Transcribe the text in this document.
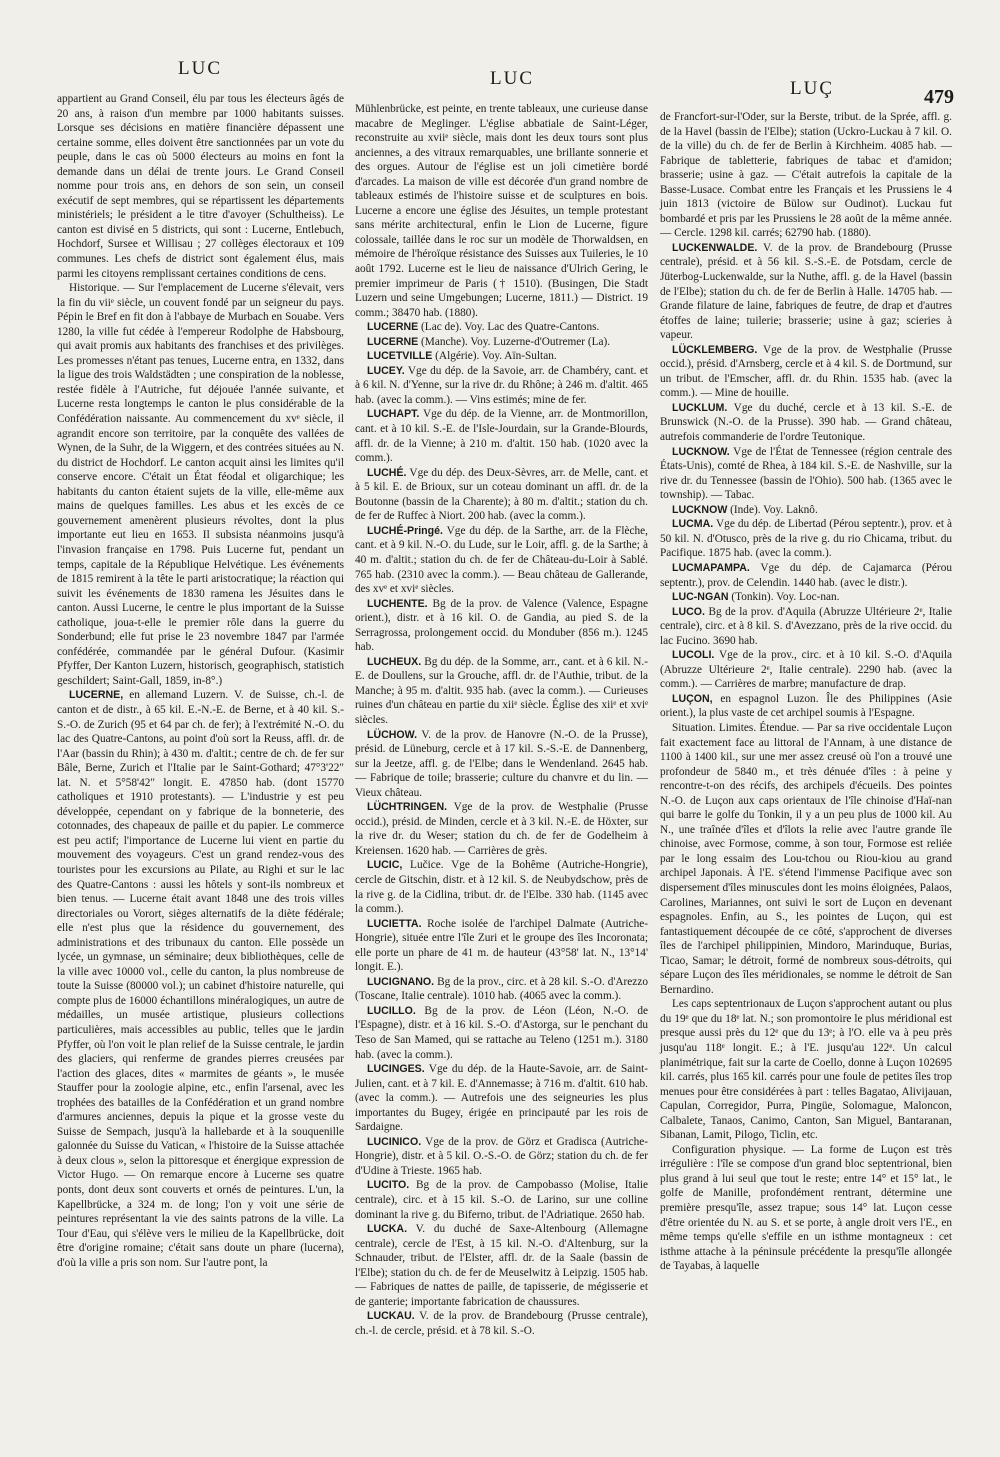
LUC	LUC	LUÇ	479

appartient au Grand Conseil, élu par tous les électeurs âgés de 20 ans, à raison d'un membre par 1000 habitants suisses. Lorsque ses décisions en matière financière dépassent une certaine somme, elles doivent être sanctionnées par un vote du peuple, dans le cas où 5000 électeurs au moins en font la demande dans un délai de trente jours. Le Grand Conseil nomme pour trois ans, en dehors de son sein, un conseil exécutif de sept membres, qui se répartissent les départements ministériels; le président a le titre d'avoyer (Schultheiss). Le canton est divisé en 5 districts, qui sont : Lucerne, Entlebuch, Hochdorf, Sursee et Willisau ; 27 collèges électoraux et 109 communes. Les chefs de district sont également élus, mais parmi les citoyens remplissant certaines conditions de cens.

Historique. — Sur l'emplacement de Lucerne s'élevait, vers la fin du viiᵉ siècle, un couvent fondé par un seigneur du pays. Pépin le Bref en fit don à l'abbaye de Murbach en Souabe. Vers 1280, la ville fut cédée à l'empereur Rodolphe de Habsbourg, qui avait promis aux habitants des franchises et des privilèges. Les promesses n'étant pas tenues, Lucerne entra, en 1332, dans la ligue des trois Waldstädten ; une conspiration de la noblesse, restée fidèle à l'Autriche, fut déjouée l'année suivante, et Lucerne resta longtemps le canton le plus considérable de la Confédération naissante. Au commencement du xvᵉ siècle, il agrandit encore son territoire, par la conquête des vallées de Wynen, de la Suhr, de la Wiggern, et des contrées situées au N. du district de Hochdorf. Le canton acquit ainsi les limites qu'il conserve encore. C'était un État féodal et oligarchique; les habitants du canton étaient sujets de la ville, elle-même aux mains de quelques familles. Les abus et les excès de ce gouvernement amenèrent plusieurs révoltes, dont la plus importante eut lieu en 1653. Il subsista néanmoins jusqu'à l'invasion française en 1798. Puis Lucerne fut, pendant un temps, capitale de la République Helvétique. Les événements de 1815 remirent à la tête le parti aristocratique; la réaction qui suivit les événements de 1830 ramena les Jésuites dans le canton. Aussi Lucerne, le centre le plus important de la Suisse catholique, joua-t-elle le premier rôle dans la guerre du Sonderbund; elle fut prise le 23 novembre 1847 par l'armée confédérée, commandée par le général Dufour. (Kasimir Pfyffer, Der Kanton Luzern, historisch, geographisch, statistich geschildert; Saint-Gall, 1859, in-8°.)

LUCERNE, en allemand Luzern. V. de Suisse, ch.-l. de canton et de distr., à 65 kil. E.-N.-E. de Berne, et à 40 kil. S.-S.-O. de Zurich (95 et 64 par ch. de fer); à l'extrémité N.-O. du lac des Quatre-Cantons, au point d'où sort la Reuss, affl. dr. de l'Aar (bassin du Rhin); à 430 m. d'altit.; centre de ch. de fer sur Bâle, Berne, Zurich et l'Italie par le Saint-Gothard; 47°3'22" lat. N. et 5°58'42" longit. E. 47850 hab. (dont 15770 catholiques et 1910 protestants). — L'industrie y est peu développée, cependant on y fabrique de la bonneterie, des cotonnades, des chapeaux de paille et du papier. Le commerce est peu actif; l'importance de Lucerne lui vient en partie du mouvement des voyageurs. C'est un grand rendez-vous des touristes pour les excursions au Pilate, au Righi et sur le lac des Quatre-Cantons : aussi les hôtels y sont-ils nombreux et bien tenus. — Lucerne était avant 1848 une des trois villes directoriales ou Vorort, sièges alternatifs de la diète fédérale; elle n'est plus que la résidence du gouvernement, des administrations et des tribunaux du canton. Elle possède un lycée, un gymnase, un séminaire; deux bibliothèques, celle de la ville avec 10000 vol., celle du canton, la plus nombreuse de toute la Suisse (80000 vol.); un cabinet d'histoire naturelle, qui compte plus de 16000 échantillons minéralogiques, un autre de médailles, un musée artistique, plusieurs collections particulières, mais accessibles au public, telles que le jardin Pfyffer, où l'on voit le plan relief de la Suisse centrale, le jardin des glaciers, qui renferme de grandes pierres creusées par l'action des glaces, dites « marmites de géants », le musée Stauffer pour la zoologie alpine, etc., enfin l'arsenal, avec les trophées des batailles de la Confédération et un grand nombre d'armures anciennes, depuis la pique et la grosse veste du Suisse de Sempach, jusqu'à la hallebarde et à la souquenille galonnée du Suisse du Vatican, « l'histoire de la Suisse attachée à deux clous », selon la pittoresque et énergique expression de Victor Hugo. — On remarque encore à Lucerne ses quatre ponts, dont deux sont couverts et ornés de peintures. L'un, la Kapellbrücke, a 324 m. de long; l'on y voit une série de peintures représentant la vie des saints patrons de la ville. La Tour d'Eau, qui s'élève vers le milieu de la Kapellbrücke, doit être d'origine romaine; c'était sans doute un phare (lucerna), d'où la ville a pris son nom. Sur l'autre pont, la

Mühlenbrücke, est peinte, en trente tableaux, une curieuse danse macabre de Meglinger. L'église abbatiale de Saint-Léger, reconstruite au xviiᵉ siècle, mais dont les deux tours sont plus anciennes, a des vitraux remarquables, une brillante sonnerie et des orgues. Autour de l'église est un joli cimetière bordé d'arcades. La maison de ville est décorée d'un grand nombre de tableaux estimés de l'histoire suisse et de sculptures en bois. Lucerne a encore une église des Jésuites, un temple protestant sans mérite architectural, enfin le Lion de Lucerne, figure colossale, taillée dans le roc sur un modèle de Thorwaldsen, en mémoire de l'héroïque résistance des Suisses aux Tuileries, le 10 août 1792. Lucerne est le lieu de naissance d'Ulrich Gering, le premier imprimeur de Paris († 1510). (Busingen, Die Stadt Luzern und seine Umgebungen; Lucerne, 1811.) — District. 19 comm.; 38470 hab. (1880).

LUCERNE (Lac de). Voy. Lac des Quatre-Cantons.

LUCERNE (Manche). Voy. Luzerne-d'Outremer (La).

LUCETVILLE (Algérie). Voy. Aïn-Sultan.

LUCEY. Vge du dép. de la Savoie, arr. de Chambéry, cant. et à 6 kil. N. d'Yenne, sur la rive dr. du Rhône; à 246 m. d'altit. 465 hab. (avec la comm.). — Vins estimés; mine de fer.

LUCHAPT. Vge du dép. de la Vienne, arr. de Montmorillon, cant. et à 10 kil. S.-E. de l'Isle-Jourdain, sur la Grande-Blourds, affl. dr. de la Vienne; à 210 m. d'altit. 150 hab. (1020 avec la comm.).

LUCHÉ. Vge du dép. des Deux-Sèvres, arr. de Melle, cant. et à 5 kil. E. de Brioux, sur un coteau dominant un affl. dr. de la Boutonne (bassin de la Charente); à 80 m. d'altit.; station du ch. de fer de Ruffec à Niort. 200 hab. (avec la comm.).

LUCHÉ-Pringé. Vge du dép. de la Sarthe, arr. de la Flèche, cant. et à 9 kil. N.-O. du Lude, sur le Loir, affl. g. de la Sarthe; à 40 m. d'altit.; station du ch. de fer de Château-du-Loir à Sablé. 765 hab. (2310 avec la comm.). — Beau château de Gallerande, des xvᵉ et xviᵉ siècles.

LUCHENTE. Bg de la prov. de Valence (Valence, Espagne orient.), distr. et à 16 kil. O. de Gandia, au pied S. de la Serragrossa, prolongement occid. du Monduber (856 m.). 1245 hab.

LUCHEUX. Bg du dép. de la Somme, arr., cant. et à 6 kil. N.-E. de Doullens, sur la Grouche, affl. dr. de l'Authie, tribut. de la Manche; à 95 m. d'altit. 935 hab. (avec la comm.). — Curieuses ruines d'un château en partie du xiiᵉ siècle. Église des xiiᵉ et xviᵉ siècles.

LÜCHOW. V. de la prov. de Hanovre (N.-O. de la Prusse), présid. de Lüneburg, cercle et à 17 kil. S.-S.-E. de Dannenberg, sur la Jeetze, affl. g. de l'Elbe; dans le Wendenland. 2645 hab. — Fabrique de toile; brasserie; culture du chanvre et du lin. — Vieux château.

LÜCHTRINGEN. Vge de la prov. de Westphalie (Prusse occid.), présid. de Minden, cercle et à 3 kil. N.-E. de Höxter, sur la rive dr. du Weser; station du ch. de fer de Godelheim à Kreiensen. 1620 hab. — Carrières de grès.

LUCIC, Lučice. Vge de la Bohême (Autriche-Hongrie), cercle de Gitschin, distr. et à 12 kil. S. de Neubydschow, près de la rive g. de la Cidlina, tribut. dr. de l'Elbe. 330 hab. (1145 avec la comm.).

LUCIETTA. Roche isolée de l'archipel Dalmate (Autriche-Hongrie), située entre l'île Zuri et le groupe des îles Incoronata; elle porte un phare de 41 m. de hauteur (43°58' lat. N., 13°14' longit. E.).

LUCIGNANO. Bg de la prov., circ. et à 28 kil. S.-O. d'Arezzo (Toscane, Italie centrale). 1010 hab. (4065 avec la comm.).

LUCILLO. Bg de la prov. de Léon (Léon, N.-O. de l'Espagne), distr. et à 16 kil. S.-O. d'Astorga, sur le penchant du Teso de San Mamed, qui se rattache au Teleno (1251 m.). 3180 hab. (avec la comm.).

LUCINGES. Vge du dép. de la Haute-Savoie, arr. de Saint-Julien, cant. et à 7 kil. E. d'Annemasse; à 716 m. d'altit. 610 hab. (avec la comm.). — Autrefois une des seigneuries les plus importantes du Bugey, érigée en principauté par les rois de Sardaigne.

LUCINICO. Vge de la prov. de Görz et Gradisca (Autriche-Hongrie), distr. et à 5 kil. O.-S.-O. de Görz; station du ch. de fer d'Udine à Trieste. 1965 hab.

LUCITO. Bg de la prov. de Campobasso (Molise, Italie centrale), circ. et à 15 kil. S.-O. de Larino, sur une colline dominant la rive g. du Biferno, tribut. de l'Adriatique. 2650 hab.

LUCKA. V. du duché de Saxe-Altenbourg (Allemagne centrale), cercle de l'Est, à 15 kil. N.-O. d'Altenburg, sur la Schnauder, tribut. de l'Elster, affl. dr. de la Saale (bassin de l'Elbe); station du ch. de fer de Meuselwitz à Leipzig. 1505 hab. — Fabriques de nattes de paille, de tapisserie, de mégisserie et de ganterie; importante fabrication de chaussures.

LUCKAU. V. de la prov. de Brandebourg (Prusse centrale), ch.-l. de cercle, présid. et à 78 kil. S.-O.

de Francfort-sur-l'Oder, sur la Berste, tribut. de la Sprée, affl. g. de la Havel (bassin de l'Elbe); station (Uckro-Luckau à 7 kil. O. de la ville) du ch. de fer de Berlin à Kirchheim. 4085 hab. — Fabrique de tabletterie, fabriques de tabac et d'amidon; brasserie; usine à gaz. — C'était autrefois la capitale de la Basse-Lusace. Combat entre les Français et les Prussiens le 4 juin 1813 (victoire de Bülow sur Oudinot). Luckau fut bombardé et pris par les Prussiens le 28 août de la même année. — Cercle. 1298 kil. carrés; 62790 hab. (1880).

LUCKENWALDE. V. de la prov. de Brandebourg (Prusse centrale), présid. et à 56 kil. S.-S.-E. de Potsdam, cercle de Jüterbog-Luckenwalde, sur la Nuthe, affl. g. de la Havel (bassin de l'Elbe); station du ch. de fer de Berlin à Halle. 14705 hab. — Grande filature de laine, fabriques de feutre, de drap et d'autres étoffes de laine; tuilerie; brasserie; usine à gaz; scieries à vapeur.

LÜCKLEMBERG. Vge de la prov. de Westphalie (Prusse occid.), présid. d'Arnsberg, cercle et à 4 kil. S. de Dortmund, sur un tribut. de l'Emscher, affl. dr. du Rhin. 1535 hab. (avec la comm.). — Mine de houille.

LUCKLUM. Vge du duché, cercle et à 13 kil. S.-E. de Brunswick (N.-O. de la Prusse). 390 hab. — Grand château, autrefois commanderie de l'ordre Teutonique.

LUCKNOW. Vge de l'État de Tennessee (région centrale des États-Unis), comté de Rhea, à 184 kil. S.-E. de Nashville, sur la rive dr. du Tennessee (bassin de l'Ohio). 500 hab. (1365 avec le township). — Tabac.

LUCKNOW (Inde). Voy. Laknô.

LUCMA. Vge du dép. de Libertad (Pérou septentr.), prov. et à 50 kil. N. d'Otusco, près de la rive g. du rio Chicama, tribut. du Pacifique. 1875 hab. (avec la comm.).

LUCMAPAMPA. Vge du dép. de Cajamarca (Pérou septentr.), prov. de Celendin. 1440 hab. (avec le distr.).

LUC-NGAN (Tonkin). Voy. Loc-nan.

LUCO. Bg de la prov. d'Aquila (Abruzze Ultérieure 2ᵉ, Italie centrale), circ. et à 8 kil. S. d'Avezzano, près de la rive occid. du lac Fucino. 3690 hab.

LUCOLI. Vge de la prov., circ. et à 10 kil. S.-O. d'Aquila (Abruzze Ultérieure 2ᵉ, Italie centrale). 2290 hab. (avec la comm.). — Carrières de marbre; manufacture de drap.

LUÇON, en espagnol Luzon. Île des Philippines (Asie orient.), la plus vaste de cet archipel soumis à l'Espagne.

Situation. Limites. Étendue. — Par sa rive occidentale Luçon fait exactement face au littoral de l'Annam, à une distance de 1100 à 1400 kil., sur une mer assez creusé où l'on a trouvé une profondeur de 5840 m., et très dénuée d'îles : à peine y rencontre-t-on des récifs, des archipels d'écueils. Des pointes N.-O. de Luçon aux caps orientaux de l'île chinoise d'Haï-nan qui barre le golfe du Tonkin, il y a un peu plus de 1000 kil. Au N., une traînée d'îles et d'îlots la relie avec l'autre grande île chinoise, avec Formose, comme, à son tour, Formose est reliée par le long essaim des Lou-tchou ou Riou-kiou au grand archipel Japonais. À l'E. s'étend l'immense Pacifique avec son dispersement d'îles minuscules dont les moins éloignées, Palaos, Carolines, Mariannes, ont suivi le sort de Luçon en devenant espagnoles. Enfin, au S., les pointes de Luçon, qui est fantastiquement découpée de ce côté, s'approchent de diverses îles de l'archipel philippinien, Mindoro, Marinduque, Burias, Ticao, Samar; le détroit, formé de nombreux sous-détroits, qui sépare Luçon des îles méridionales, se nomme le détroit de San Bernardino.

Les caps septentrionaux de Luçon s'approchent autant ou plus du 19ᵉ que du 18ᵉ lat. N.; son promontoire le plus méridional est presque aussi près du 12ᵉ que du 13ᵉ; à l'O. elle va à peu près jusqu'au 118ᵉ longit. E.; à l'E. jusqu'au 122ᵉ. Un calcul planimétrique, fait sur la carte de Coello, donne à Luçon 102695 kil. carrés, plus 165 kil. carrés pour une foule de petites îles trop menues pour être considérées à part : telles Bagatao, Alivijauan, Capulan, Corregidor, Purra, Pingüe, Solomague, Maloncon, Calbalete, Tanaos, Canimo, Canton, San Miguel, Bantaranan, Sibanan, Lamit, Pilogo, Ticlin, etc.

Configuration physique. — La forme de Luçon est très irrégulière : l'île se compose d'un grand bloc septentrional, bien plus grand à lui seul que tout le reste; entre 14° et 15° lat., le golfe de Manille, profondément rentrant, détermine une première presqu'île, assez trapue; sous 14° lat. Luçon cesse d'être orientée du N. au S. et se porte, à angle droit vers l'E., en même temps qu'elle s'effile en un isthme montagneux : cet isthme attache à la péninsule précédente la presqu'île allongée de Tayabas, à laquelle
